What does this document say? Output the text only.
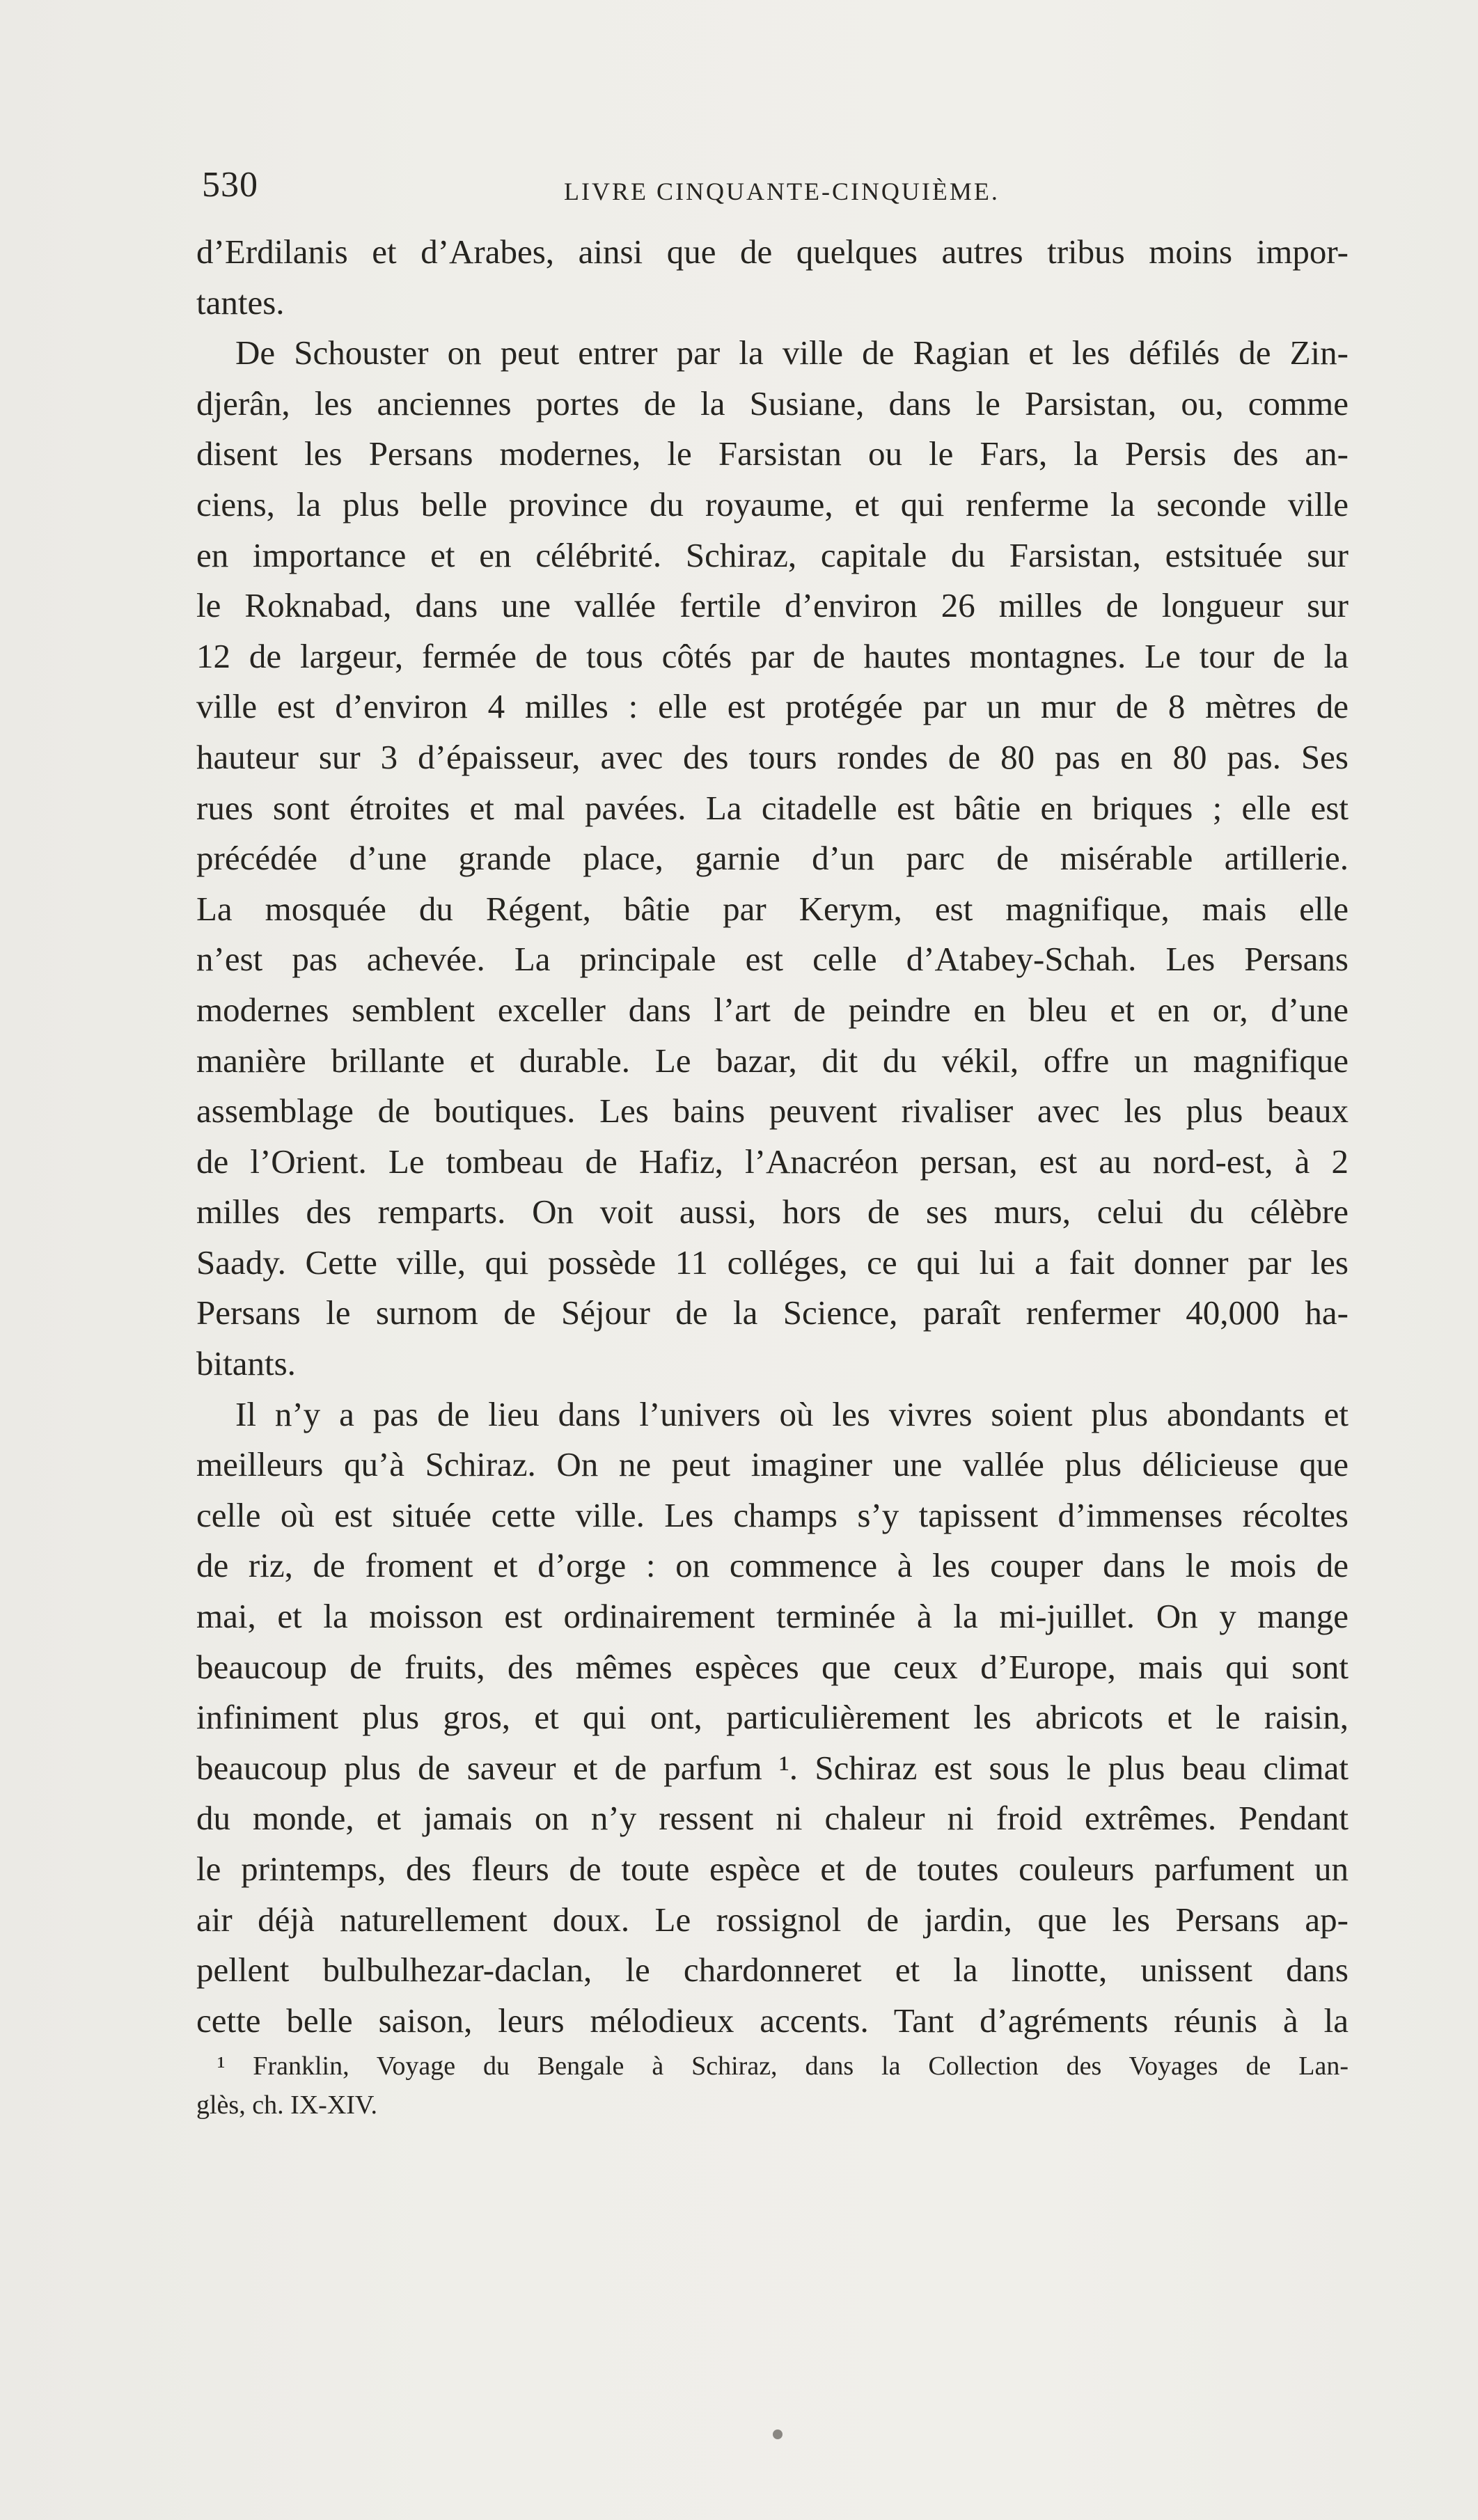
530	LIVRE CINQUANTE-CINQUIÈME.
d’Erdilanis et d’Arabes, ainsi que de quelques autres tribus moins impor-
tantes.
De Schouster on peut entrer par la ville de Ragian et les défilés de Zin-
djerân, les anciennes portes de la Susiane, dans le Parsistan, ou, comme
disent les Persans modernes, le Farsistan ou le Fars, la Persis des an-
ciens, la plus belle province du royaume, et qui renferme la seconde ville
en importance et en célébrité. Schiraz, capitale du Farsistan, estsituée sur
le Roknabad, dans une vallée fertile d’environ 26 milles de longueur sur
12 de largeur, fermée de tous côtés par de hautes montagnes. Le tour de la
ville est d’environ 4 milles : elle est protégée par un mur de 8 mètres de
hauteur sur 3 d’épaisseur, avec des tours rondes de 80 pas en 80 pas. Ses
rues sont étroites et mal pavées. La citadelle est bâtie en briques ; elle est
précédée d’une grande place, garnie d’un parc de misérable artillerie.
La mosquée du Régent, bâtie par Kerym, est magnifique, mais elle
n’est pas achevée. La principale est celle d’Atabey-Schah. Les Persans
modernes semblent exceller dans l’art de peindre en bleu et en or, d’une
manière brillante et durable. Le bazar, dit du vékil, offre un magnifique
assemblage de boutiques. Les bains peuvent rivaliser avec les plus beaux
de l’Orient. Le tombeau de Hafiz, l’Anacréon persan, est au nord-est, à 2
milles des remparts. On voit aussi, hors de ses murs, celui du célèbre
Saady. Cette ville, qui possède 11 colléges, ce qui lui a fait donner par les
Persans le surnom de Séjour de la Science, paraît renfermer 40,000 ha-
bitants.
Il n’y a pas de lieu dans l’univers où les vivres soient plus abondants et
meilleurs qu’à Schiraz. On ne peut imaginer une vallée plus délicieuse que
celle où est située cette ville. Les champs s’y tapissent d’immenses récoltes
de riz, de froment et d’orge : on commence à les couper dans le mois de
mai, et la moisson est ordinairement terminée à la mi-juillet. On y mange
beaucoup de fruits, des mêmes espèces que ceux d’Europe, mais qui sont
infiniment plus gros, et qui ont, particulièrement les abricots et le raisin,
beaucoup plus de saveur et de parfum ¹. Schiraz est sous le plus beau climat
du monde, et jamais on n’y ressent ni chaleur ni froid extrêmes. Pendant
le printemps, des fleurs de toute espèce et de toutes couleurs parfument un
air déjà naturellement doux. Le rossignol de jardin, que les Persans ap-
pellent bulbulhezar-daclan, le chardonneret et la linotte, unissent dans
cette belle saison, leurs mélodieux accents. Tant d’agréments réunis à la
¹ Franklin, Voyage du Bengale à Schiraz, dans la Collection des Voyages de Lan-
glès, ch. IX-XIV.
